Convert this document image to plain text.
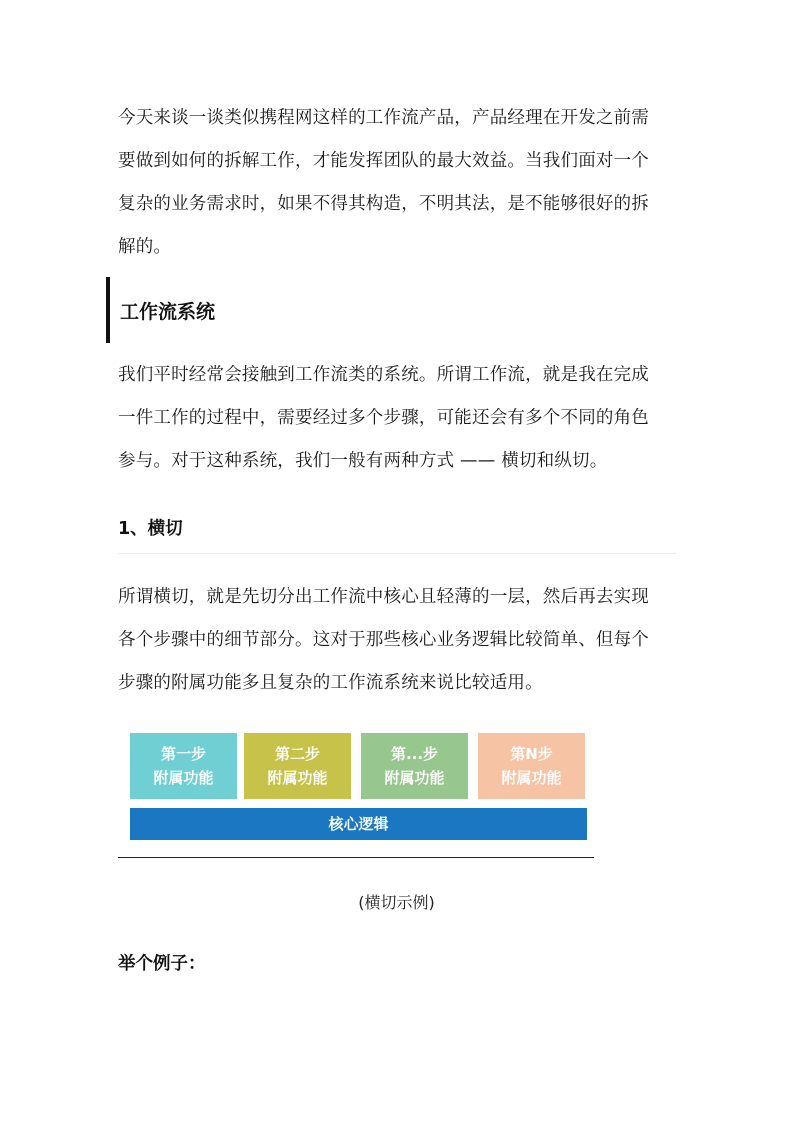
今天来谈一谈类似携程网这样的工作流产品，产品经理在开发之前需要做到如何的拆解工作，才能发挥团队的最大效益。当我们面对一个复杂的业务需求时，如果不得其构造，不明其法，是不能够很好的拆解的。

工作流系统

我们平时经常会接触到工作流类的系统。所谓工作流，就是我在完成一件工作的过程中，需要经过多个步骤，可能还会有多个不同的角色参与。对于这种系统，我们一般有两种方式 —— 横切和纵切。

1、横切

所谓横切，就是先切分出工作流中核心且轻薄的一层，然后再去实现各个步骤中的细节部分。这对于那些核心业务逻辑比较简单、但每个步骤的附属功能多且复杂的工作流系统来说比较适用。

第一步
附属功能
第二步
附属功能
第...步
附属功能
第N步
附属功能
核心逻辑
(横切示例)
举个例子：
